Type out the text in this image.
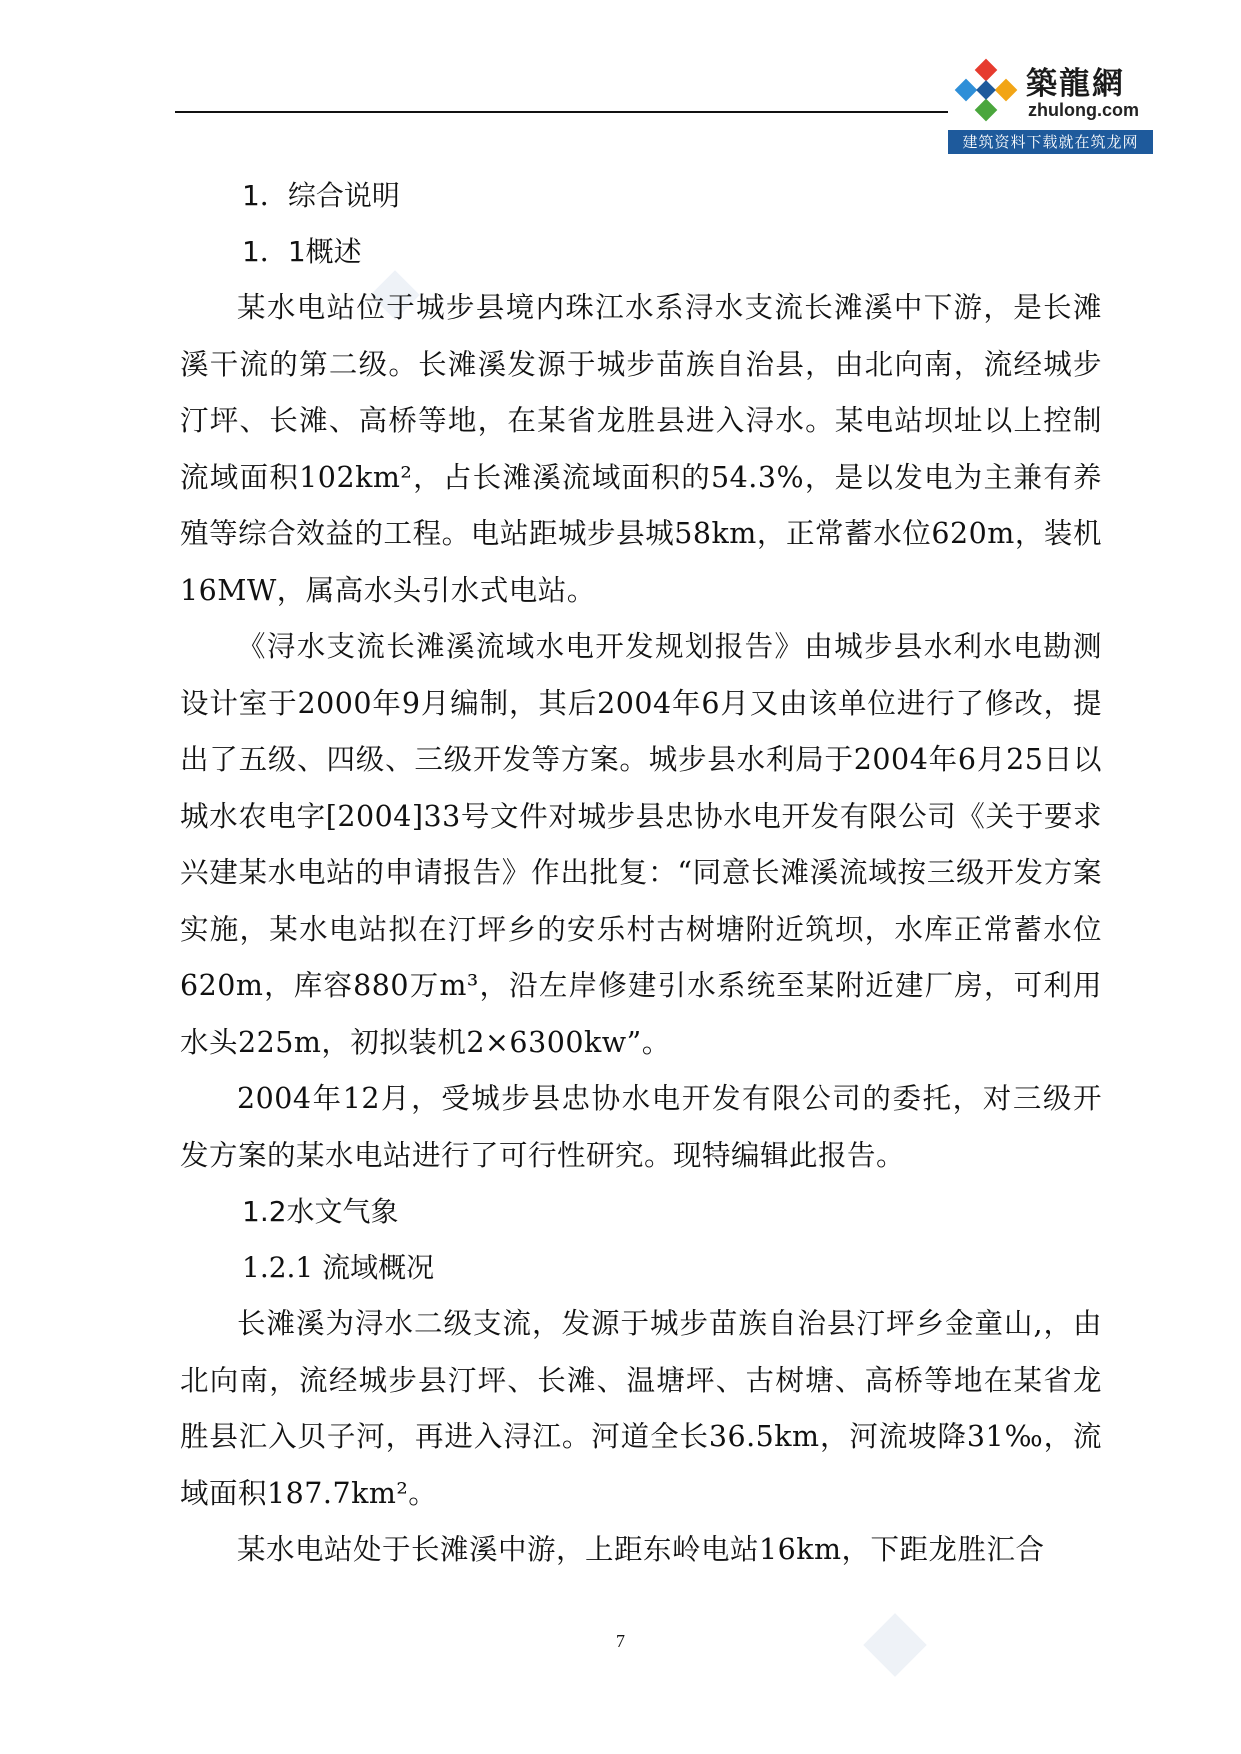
築龍網
zhulong.com
建筑资料下载就在筑龙网
1．综合说明
1．1概述

某水电站位于城步县境内珠江水系浔水支流长滩溪中下游，是长滩溪干流的第二级。长滩溪发源于城步苗族自治县，由北向南，流经城步汀坪、长滩、高桥等地，在某省龙胜县进入浔水。某电站坝址以上控制流域面积102km²，占长滩溪流域面积的54.3%，是以发电为主兼有养殖等综合效益的工程。电站距城步县城58km，正常蓄水位620m，装机16MW，属高水头引水式电站。

《浔水支流长滩溪流域水电开发规划报告》由城步县水利水电勘测设计室于2000年9月编制，其后2004年6月又由该单位进行了修改，提出了五级、四级、三级开发等方案。城步县水利局于2004年6月25日以城水农电字[2004]33号文件对城步县忠协水电开发有限公司《关于要求兴建某水电站的申请报告》作出批复：“同意长滩溪流域按三级开发方案实施，某水电站拟在汀坪乡的安乐村古树塘附近筑坝，水库正常蓄水位620m，库容880万m³，沿左岸修建引水系统至某附近建厂房，可利用水头225m，初拟装机2×6300kw”。

2004年12月，受城步县忠协水电开发有限公司的委托，对三级开发方案的某水电站进行了可行性研究。现特编辑此报告。

1.2水文气象
1.2.1 流域概况

长滩溪为浔水二级支流，发源于城步苗族自治县汀坪乡金童山,，由北向南，流经城步县汀坪、长滩、温塘坪、古树塘、高桥等地在某省龙胜县汇入贝子河，再进入浔江。河道全长36.5km，河流坡降31‰，流域面积187.7km²。

某水电站处于长滩溪中游，上距东岭电站16km，下距龙胜汇合

7
